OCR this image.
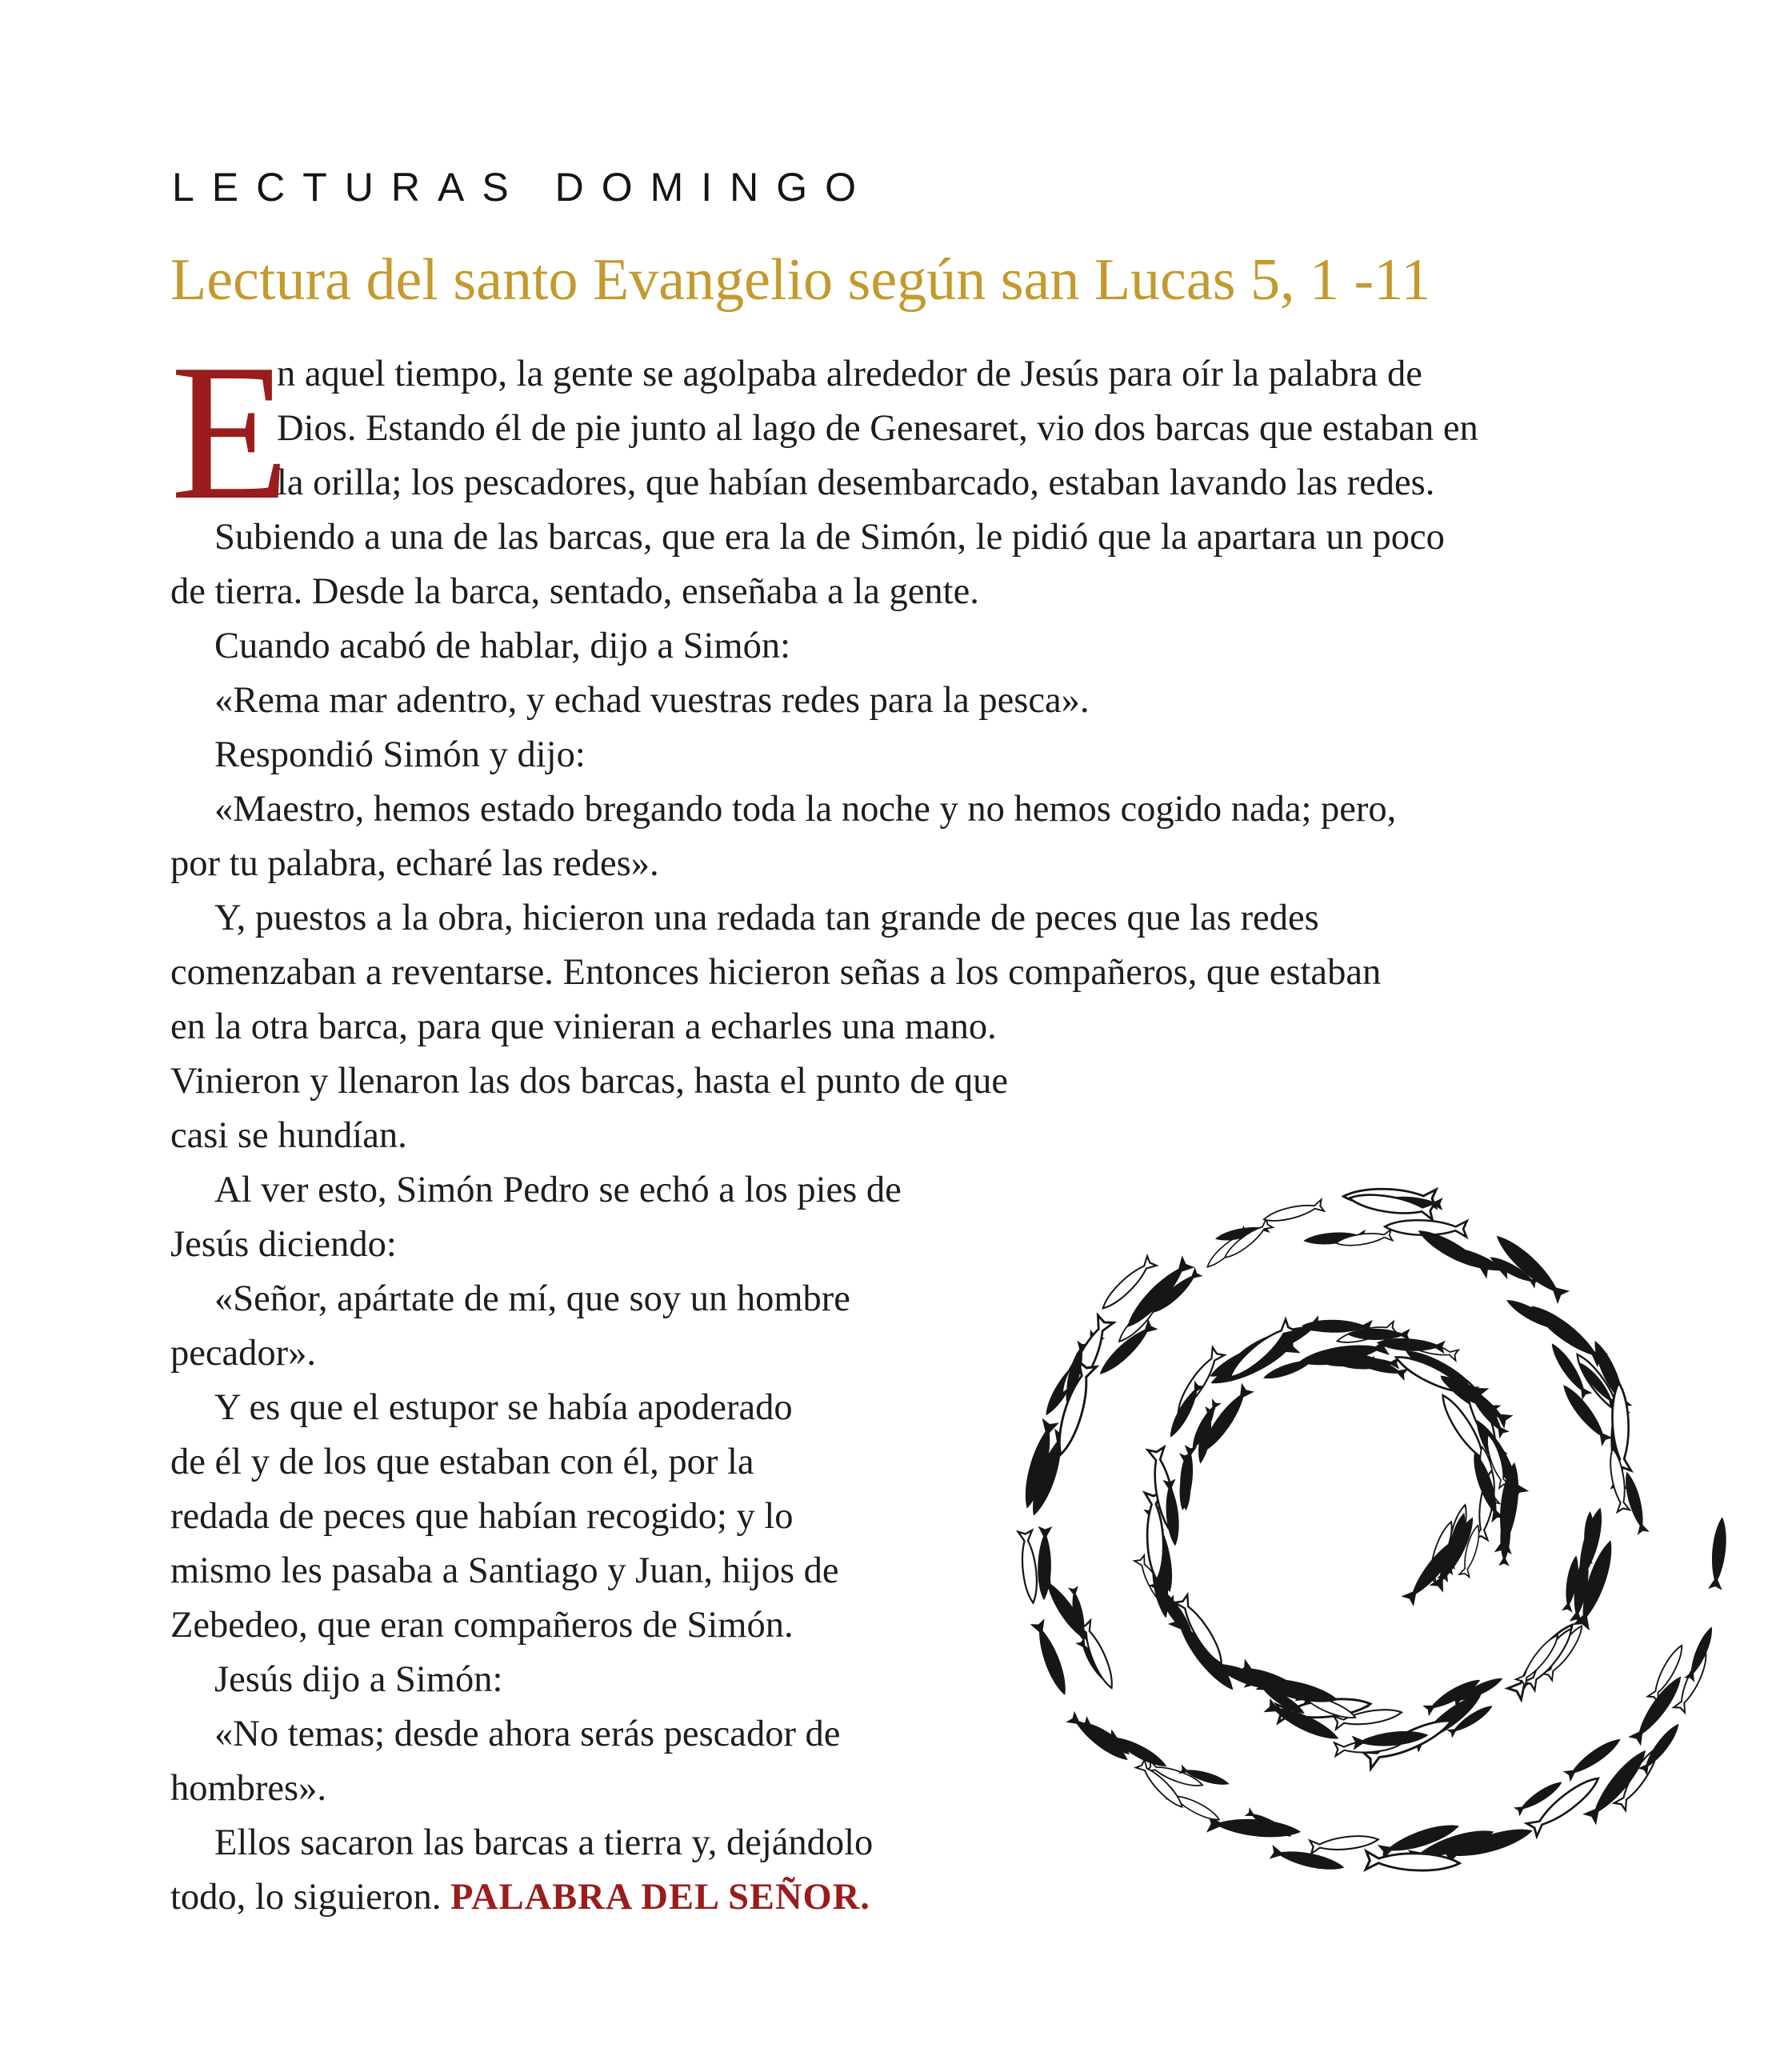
LECTURAS DOMINGO
Lectura del santo Evangelio según san Lucas 5, 1 -11
E
n aquel tiempo, la gente se agolpaba alrededor de Jesús para oír la palabra de
Dios. Estando él de pie junto al lago de Genesaret, vio dos barcas que estaban en
la orilla; los pescadores, que habían desembarcado, estaban lavando las redes.
Subiendo a una de las barcas, que era la de Simón, le pidió que la apartara un poco
de tierra. Desde la barca, sentado, enseñaba a la gente.
Cuando acabó de hablar, dijo a Simón:
«Rema mar adentro, y echad vuestras redes para la pesca».
Respondió Simón y dijo:
«Maestro, hemos estado bregando toda la noche y no hemos cogido nada; pero,
por tu palabra, echaré las redes».
Y, puestos a la obra, hicieron una redada tan grande de peces que las redes
comenzaban a reventarse. Entonces hicieron señas a los compañeros, que estaban
en la otra barca, para que vinieran a echarles una mano.
Vinieron y llenaron las dos barcas, hasta el punto de que
casi se hundían.
Al ver esto, Simón Pedro se echó a los pies de
Jesús diciendo:
«Señor, apártate de mí, que soy un hombre
pecador».
Y es que el estupor se había apoderado
de él y de los que estaban con él, por la
redada de peces que habían recogido; y lo
mismo les pasaba a Santiago y Juan, hijos de
Zebedeo, que eran compañeros de Simón.
Jesús dijo a Simón:
«No temas; desde ahora serás pescador de
hombres».
Ellos sacaron las barcas a tierra y, dejándolo
todo, lo siguieron. PALABRA DEL SEÑOR.
